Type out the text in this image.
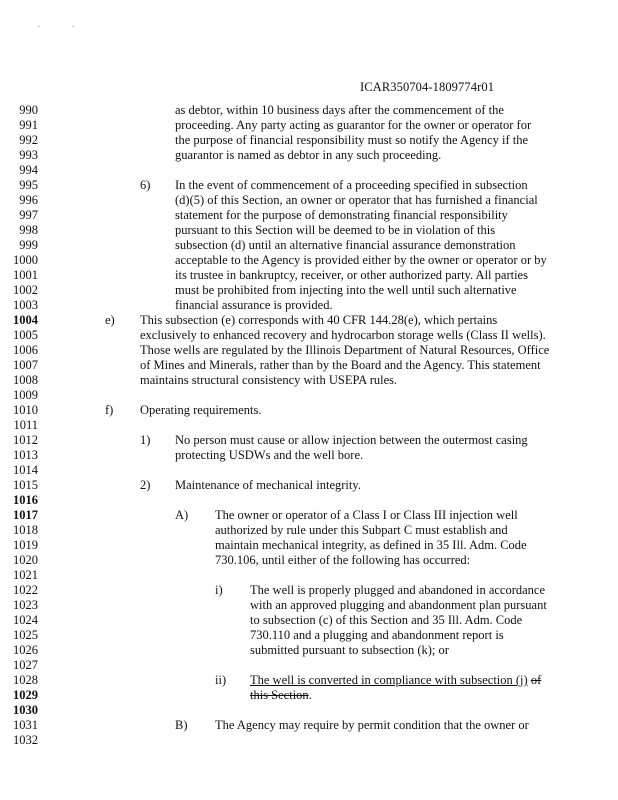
.	.
ICAR350704-1809774r01
990
991
992
993
994
995
996
997
998
999
1000
1001
1002
1003
1004
1005
1006
1007
1008
1009
1010
1011
1012
1013
1014
1015
1016
1017
1018
1019
1020
1021
1022
1023
1024
1025
1026
1027
1028
1029
1030
1031
1032
as debtor, within 10 business days after the commencement of the
proceeding. Any party acting as guarantor for the owner or operator for
the purpose of financial responsibility must so notify the Agency if the
guarantor is named as debtor in any such proceeding.
6) In the event of commencement of a proceeding specified in subsection
(d)(5) of this Section, an owner or operator that has furnished a financial
statement for the purpose of demonstrating financial responsibility
pursuant to this Section will be deemed to be in violation of this
subsection (d) until an alternative financial assurance demonstration
acceptable to the Agency is provided either by the owner or operator or by
its trustee in bankruptcy, receiver, or other authorized party. All parties
must be prohibited from injecting into the well until such alternative
financial assurance is provided.
e) This subsection (e) corresponds with 40 CFR 144.28(e), which pertains
exclusively to enhanced recovery and hydrocarbon storage wells (Class II wells).
Those wells are regulated by the Illinois Department of Natural Resources, Office
of Mines and Minerals, rather than by the Board and the Agency. This statement
maintains structural consistency with USEPA rules.
f) Operating requirements.
1) No person must cause or allow injection between the outermost casing
protecting USDWs and the well bore.
2) Maintenance of mechanical integrity.
A) The owner or operator of a Class I or Class III injection well
authorized by rule under this Subpart C must establish and
maintain mechanical integrity, as defined in 35 Ill. Adm. Code
730.106, until either of the following has occurred:
i) The well is properly plugged and abandoned in accordance
with an approved plugging and abandonment plan pursuant
to subsection (c) of this Section and 35 Ill. Adm. Code
730.110 and a plugging and abandonment report is
submitted pursuant to subsection (k); or
ii) The well is converted in compliance with subsection (j) of
this Section.
B) The Agency may require by permit condition that the owner or
